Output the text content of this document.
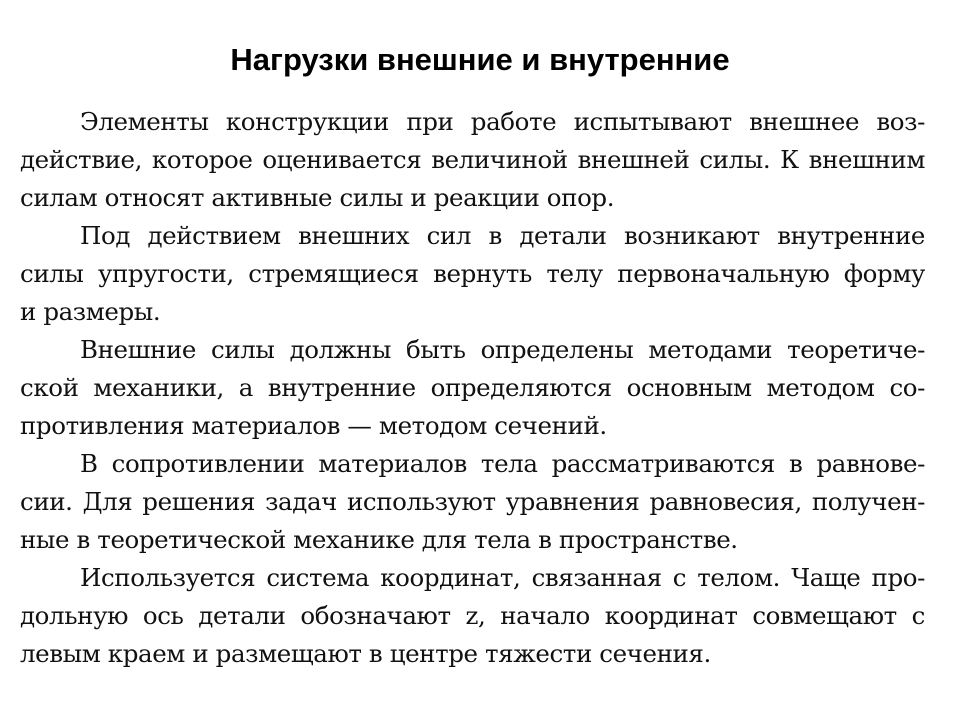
Нагрузки внешние и внутренние
Элементы конструкции при работе испытывают внешнее воз-
действие, которое оценивается величиной внешней силы. К внешним
силам относят активные силы и реакции опор.
Под действием внешних сил в детали возникают внутренние
силы упругости, стремящиеся вернуть телу первоначальную форму
и размеры.
Внешние силы должны быть определены методами теоретиче-
ской механики, а внутренние определяются основным методом со-
противления материалов — методом сечений.
В сопротивлении материалов тела рассматриваются в равнове-
сии. Для решения задач используют уравнения равновесия, получен-
ные в теоретической механике для тела в пространстве.
Используется система координат, связанная с телом. Чаще про-
дольную ось детали обозначают z, начало координат совмещают с
левым краем и размещают в центре тяжести сечения.
